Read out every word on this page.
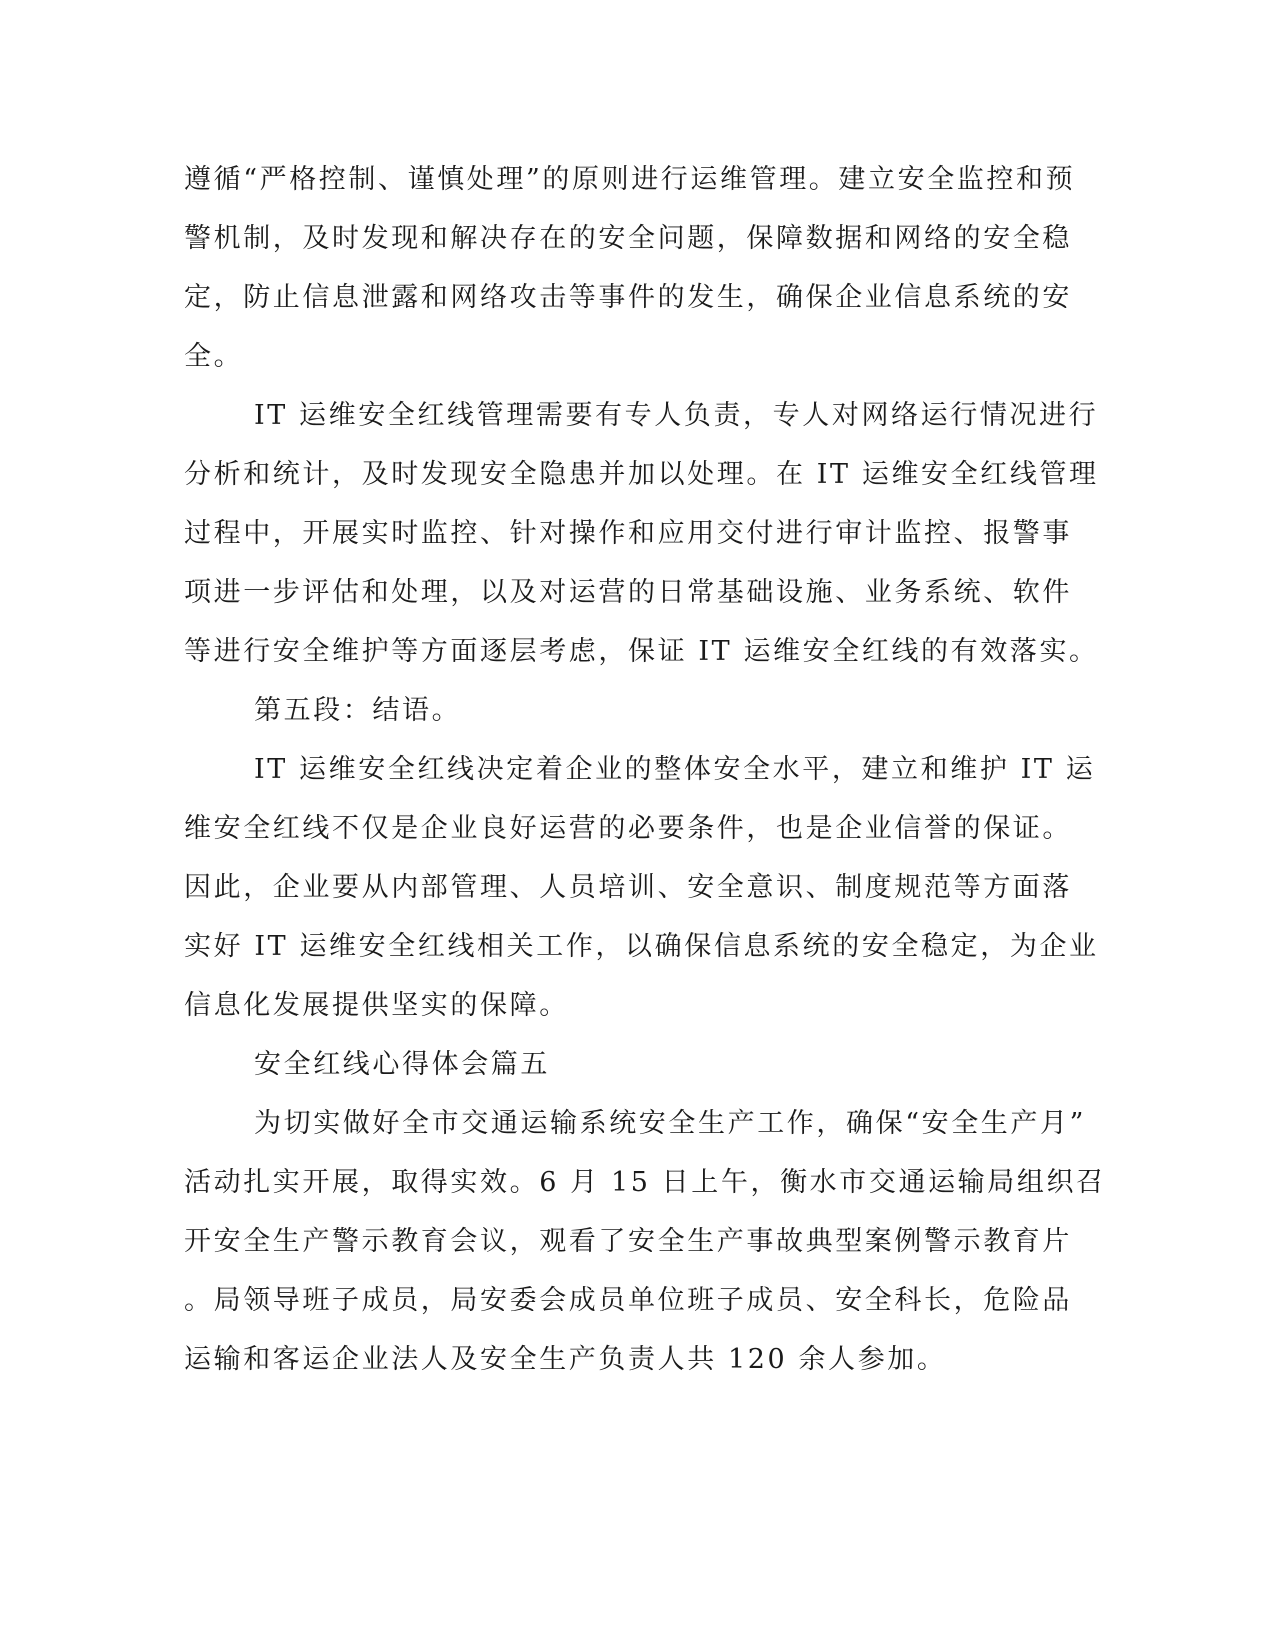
遵循“严格控制、谨慎处理”的原则进行运维管理。建立安全监控和预
警机制，及时发现和解决存在的安全问题，保障数据和网络的安全稳
定，防止信息泄露和网络攻击等事件的发生，确保企业信息系统的安
全。
IT 运维安全红线管理需要有专人负责，专人对网络运行情况进行
分析和统计，及时发现安全隐患并加以处理。在 IT 运维安全红线管理
过程中，开展实时监控、针对操作和应用交付进行审计监控、报警事
项进一步评估和处理，以及对运营的日常基础设施、业务系统、软件
等进行安全维护等方面逐层考虑，保证 IT 运维安全红线的有效落实。
第五段：结语。
IT 运维安全红线决定着企业的整体安全水平，建立和维护 IT 运
维安全红线不仅是企业良好运营的必要条件，也是企业信誉的保证。
因此，企业要从内部管理、人员培训、安全意识、制度规范等方面落
实好 IT 运维安全红线相关工作，以确保信息系统的安全稳定，为企业
信息化发展提供坚实的保障。
安全红线心得体会篇五
为切实做好全市交通运输系统安全生产工作，确保“安全生产月”
活动扎实开展，取得实效。6 月 15 日上午，衡水市交通运输局组织召
开安全生产警示教育会议，观看了安全生产事故典型案例警示教育片
。局领导班子成员，局安委会成员单位班子成员、安全科长，危险品
运输和客运企业法人及安全生产负责人共 120 余人参加。
